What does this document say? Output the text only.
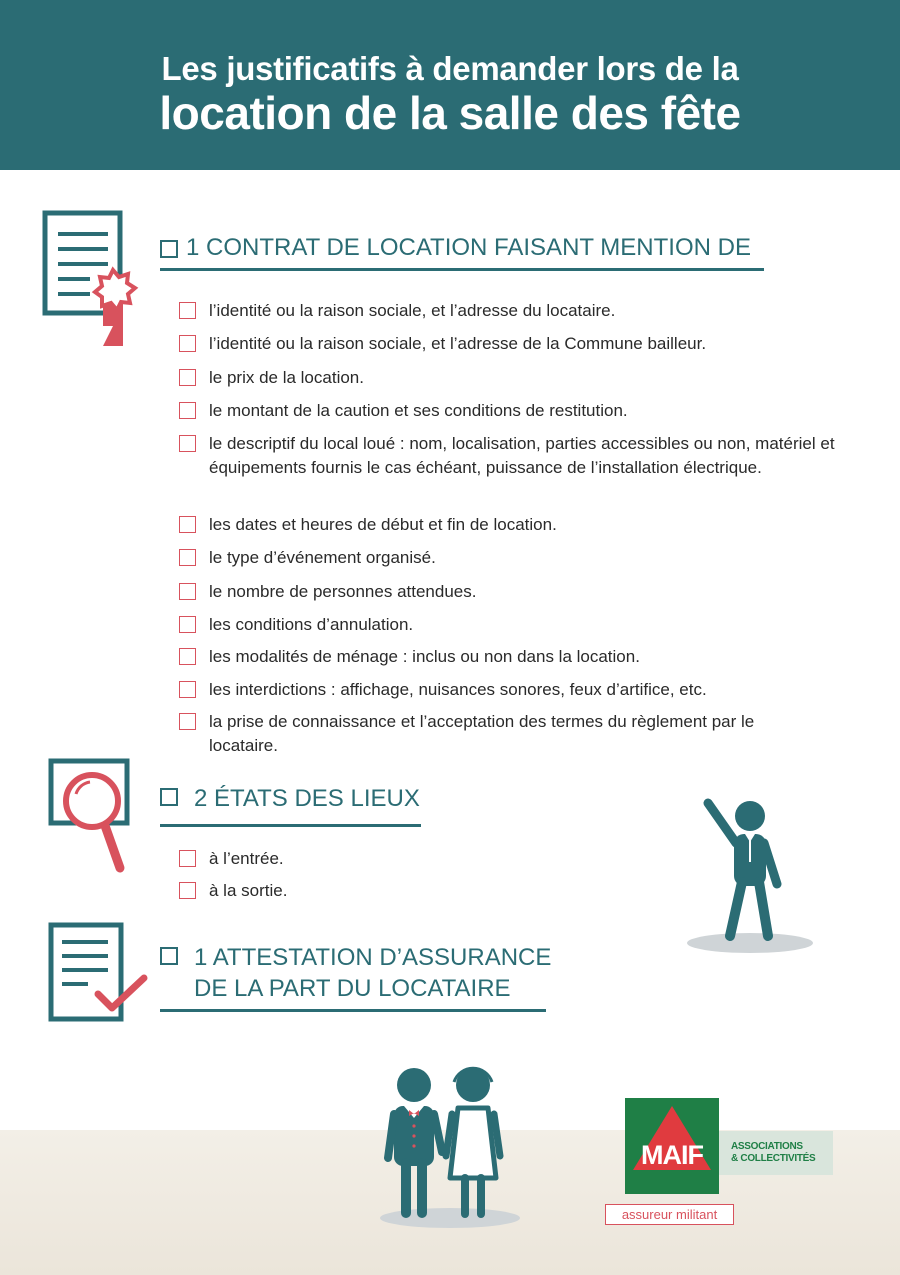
Les justificatifs à demander lors de la
location de la salle des fête
1 CONTRAT DE LOCATION FAISANT MENTION DE
l’identité ou la raison sociale, et l’adresse du locataire.
l’identité ou la raison sociale, et l’adresse de la Commune bailleur.
le prix de la location.
le montant de la caution et ses conditions de restitution.
le descriptif du local loué : nom, localisation, parties accessibles ou non, matériel et équipements fournis le cas échéant, puissance de l’installation électrique.
les dates et heures de début et fin de location.
le type d’événement organisé.
le nombre de personnes attendues.
les conditions d’annulation.
les modalités de ménage : inclus ou non dans la location.
les interdictions : affichage, nuisances sonores, feux d’artifice, etc.
la prise de connaissance et l’acceptation des termes du règlement par le locataire.
2 ÉTATS DES LIEUX
à l’entrée.
à la sortie.
1 ATTESTATION D’ASSURANCE
DE LA PART DU LOCATAIRE
ASSOCIATIONS
& COLLECTIVITÉS
MAIF
assureur militant
